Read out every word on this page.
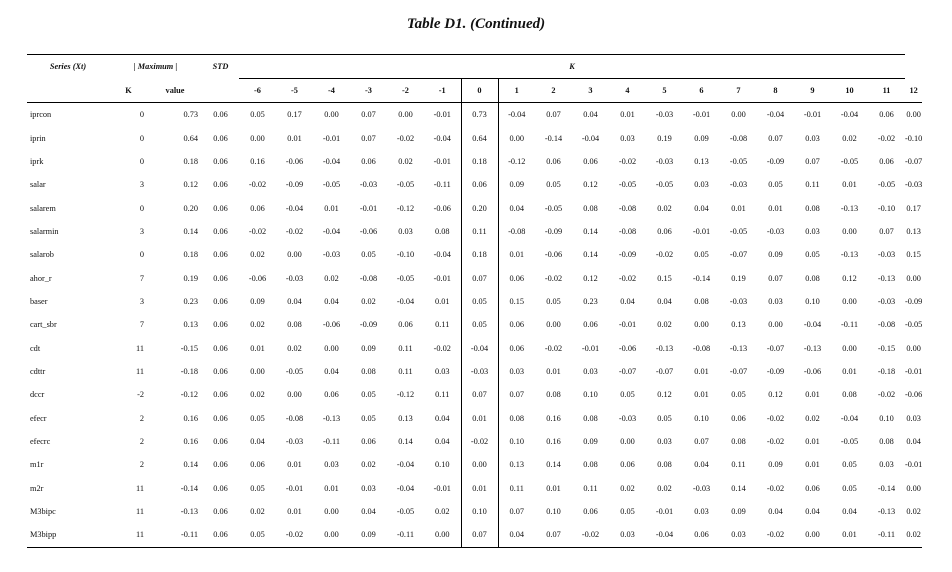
Table D1. (Continued)
Series (Xt)	| Maximum |		STD	K																		
	K	value		-6	-5	-4	-3	-2	-1	0	1	2	3	4	5	6	7	8	9	10	11	12
iprcon	0	0.73	0.06	0.05	0.17	0.00	0.07	0.00	-0.01	0.73	-0.04	0.07	0.04	0.01	-0.03	-0.01	0.00	-0.04	-0.01	-0.04	0.06	0.00
iprin	0	0.64	0.06	0.00	0.01	-0.01	0.07	-0.02	-0.04	0.64	0.00	-0.14	-0.04	0.03	0.19	0.09	-0.08	0.07	0.03	0.02	-0.02	-0.10
iprk	0	0.18	0.06	0.16	-0.06	-0.04	0.06	0.02	-0.01	0.18	-0.12	0.06	0.06	-0.02	-0.03	0.13	-0.05	-0.09	0.07	-0.05	0.06	-0.07
salar	3	0.12	0.06	-0.02	-0.09	-0.05	-0.03	-0.05	-0.11	0.06	0.09	0.05	0.12	-0.05	-0.05	0.03	-0.03	0.05	0.11	0.01	-0.05	-0.03
salarem	0	0.20	0.06	0.06	-0.04	0.01	-0.01	-0.12	-0.06	0.20	0.04	-0.05	0.08	-0.08	0.02	0.04	0.01	0.01	0.08	-0.13	-0.10	0.17
salarmin	3	0.14	0.06	-0.02	-0.02	-0.04	-0.06	0.03	0.08	0.11	-0.08	-0.09	0.14	-0.08	0.06	-0.01	-0.05	-0.03	0.03	0.00	0.07	0.13
salarob	0	0.18	0.06	0.02	0.00	-0.03	0.05	-0.10	-0.04	0.18	0.01	-0.06	0.14	-0.09	-0.02	0.05	-0.07	0.09	0.05	-0.13	-0.03	0.15
ahor_r	7	0.19	0.06	-0.06	-0.03	0.02	-0.08	-0.05	-0.01	0.07	0.06	-0.02	0.12	-0.02	0.15	-0.14	0.19	0.07	0.08	0.12	-0.13	0.00
baser	3	0.23	0.06	0.09	0.04	0.04	0.02	-0.04	0.01	0.05	0.15	0.05	0.23	0.04	0.04	0.08	-0.03	0.03	0.10	0.00	-0.03	-0.09
cart_sbr	7	0.13	0.06	0.02	0.08	-0.06	-0.09	0.06	0.11	0.05	0.06	0.00	0.06	-0.01	0.02	0.00	0.13	0.00	-0.04	-0.11	-0.08	-0.05
cdt	11	-0.15	0.06	0.01	0.02	0.00	0.09	0.11	-0.02	-0.04	0.06	-0.02	-0.01	-0.06	-0.13	-0.08	-0.13	-0.07	-0.13	0.00	-0.15	0.00
cdttr	11	-0.18	0.06	0.00	-0.05	0.04	0.08	0.11	0.03	-0.03	0.03	0.01	0.03	-0.07	-0.07	0.01	-0.07	-0.09	-0.06	0.01	-0.18	-0.01
dccr	-2	-0.12	0.06	0.02	0.00	0.06	0.05	-0.12	0.11	0.07	0.07	0.08	0.10	0.05	0.12	0.01	0.05	0.12	0.01	0.08	-0.02	-0.06
efecr	2	0.16	0.06	0.05	-0.08	-0.13	0.05	0.13	0.04	0.01	0.08	0.16	0.08	-0.03	0.05	0.10	0.06	-0.02	0.02	-0.04	0.10	0.03
efecrc	2	0.16	0.06	0.04	-0.03	-0.11	0.06	0.14	0.04	-0.02	0.10	0.16	0.09	0.00	0.03	0.07	0.08	-0.02	0.01	-0.05	0.08	0.04
m1r	2	0.14	0.06	0.06	0.01	0.03	0.02	-0.04	0.10	0.00	0.13	0.14	0.08	0.06	0.08	0.04	0.11	0.09	0.01	0.05	0.03	-0.01
m2r	11	-0.14	0.06	0.05	-0.01	0.01	0.03	-0.04	-0.01	0.01	0.11	0.01	0.11	0.02	0.02	-0.03	0.14	-0.02	0.06	0.05	-0.14	0.00
M3bipc	11	-0.13	0.06	0.02	0.01	0.00	0.04	-0.05	0.02	0.10	0.07	0.10	0.06	0.05	-0.01	0.03	0.09	0.04	0.04	0.04	-0.13	0.02
M3bipp	11	-0.11	0.06	0.05	-0.02	0.00	0.09	-0.11	0.00	0.07	0.04	0.07	-0.02	0.03	-0.04	0.06	0.03	-0.02	0.00	0.01	-0.11	0.02
